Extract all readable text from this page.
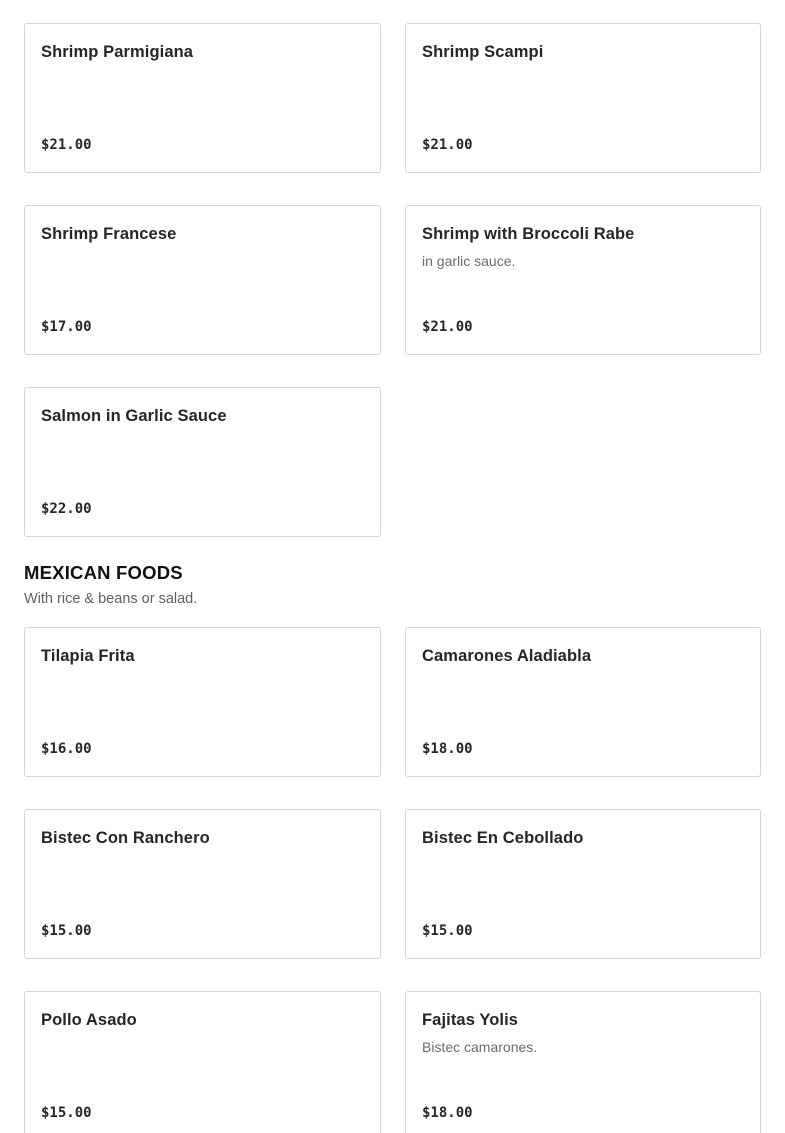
Shrimp Parmigiana
$21.00
Shrimp Scampi
$21.00
Shrimp Francese
$17.00
Shrimp with Broccoli Rabe
in garlic sauce.
$21.00
Salmon in Garlic Sauce
$22.00
MEXICAN FOODS
With rice & beans or salad.
Tilapia Frita
$16.00
Camarones Aladiabla
$18.00
Bistec Con Ranchero
$15.00
Bistec En Cebollado
$15.00
Pollo Asado
$15.00
Fajitas Yolis
Bistec camarones.
$18.00
